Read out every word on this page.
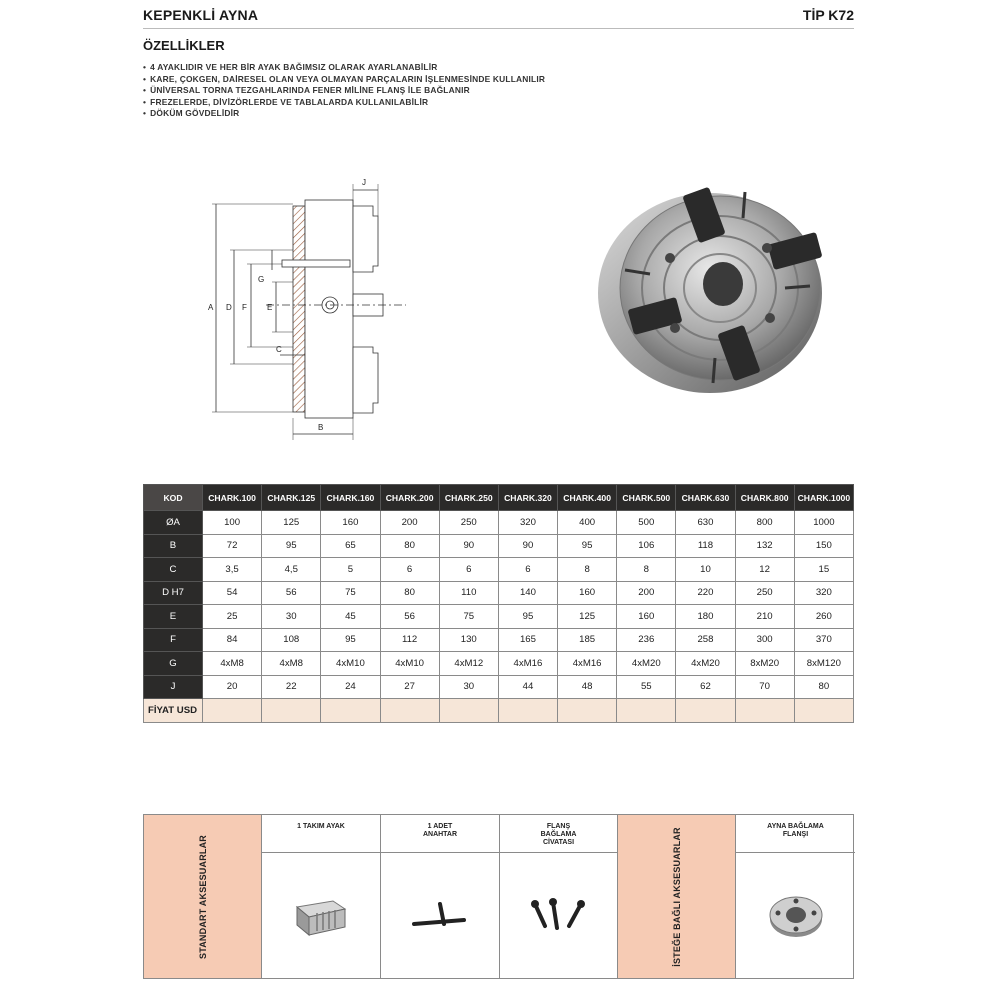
KEPENKLİ AYNA	TİP K72
ÖZELLİKLER
• 4 AYAKLIDIR VE HER BİR AYAK BAĞIMSIZ OLARAK AYARLANABİLİR
• KARE, ÇOKGEN, DAİRESEL OLAN VEYA OLMAYAN PARÇALARIN İŞLENMESİNDE KULLANILIR
• ÜNİVERSAL TORNA TEZGAHLARINDA FENER MİLİNE FLANŞ İLE BAĞLANIR
• FREZELERDE, DİVİZÖRLERDE VE TABLALARDA KULLANILABİLİR
• DÖKÜM GÖVDELİDİR
J
A D
G
F	E
C
B
KOD	CHARK.100	CHARK.125	CHARK.160	CHARK.200	CHARK.250	CHARK.320	CHARK.400	CHARK.500	CHARK.630	CHARK.800	CHARK.1000
ØA	100	125	160	200	250	320	400	500	630	800	1000
B	72	95	65	80	90	90	95	106	118	132	150
C	3,5	4,5	5	6	6	6	8	8	10	12	15
D H7	54	56	75	80	110	140	160	200	220	250	320
E	25	30	45	56	75	95	125	160	180	210	260
F	84	108	95	112	130	165	185	236	258	300	370
G	4xM8	4xM8	4xM10	4xM10	4xM12	4xM16	4xM16	4xM20	4xM20	8xM20	8xM120
J	20	22	24	27	30	44	48	55	62	70	80
FİYAT USD											
STANDART AKSESUARLAR
1 TAKIM AYAK	1 ADET ANAHTAR
FLANŞ BAĞLAMA CİVATASI	İSTEĞE BAĞLI AKSESUARLAR
AYNA BAĞLAMA FLANŞI
